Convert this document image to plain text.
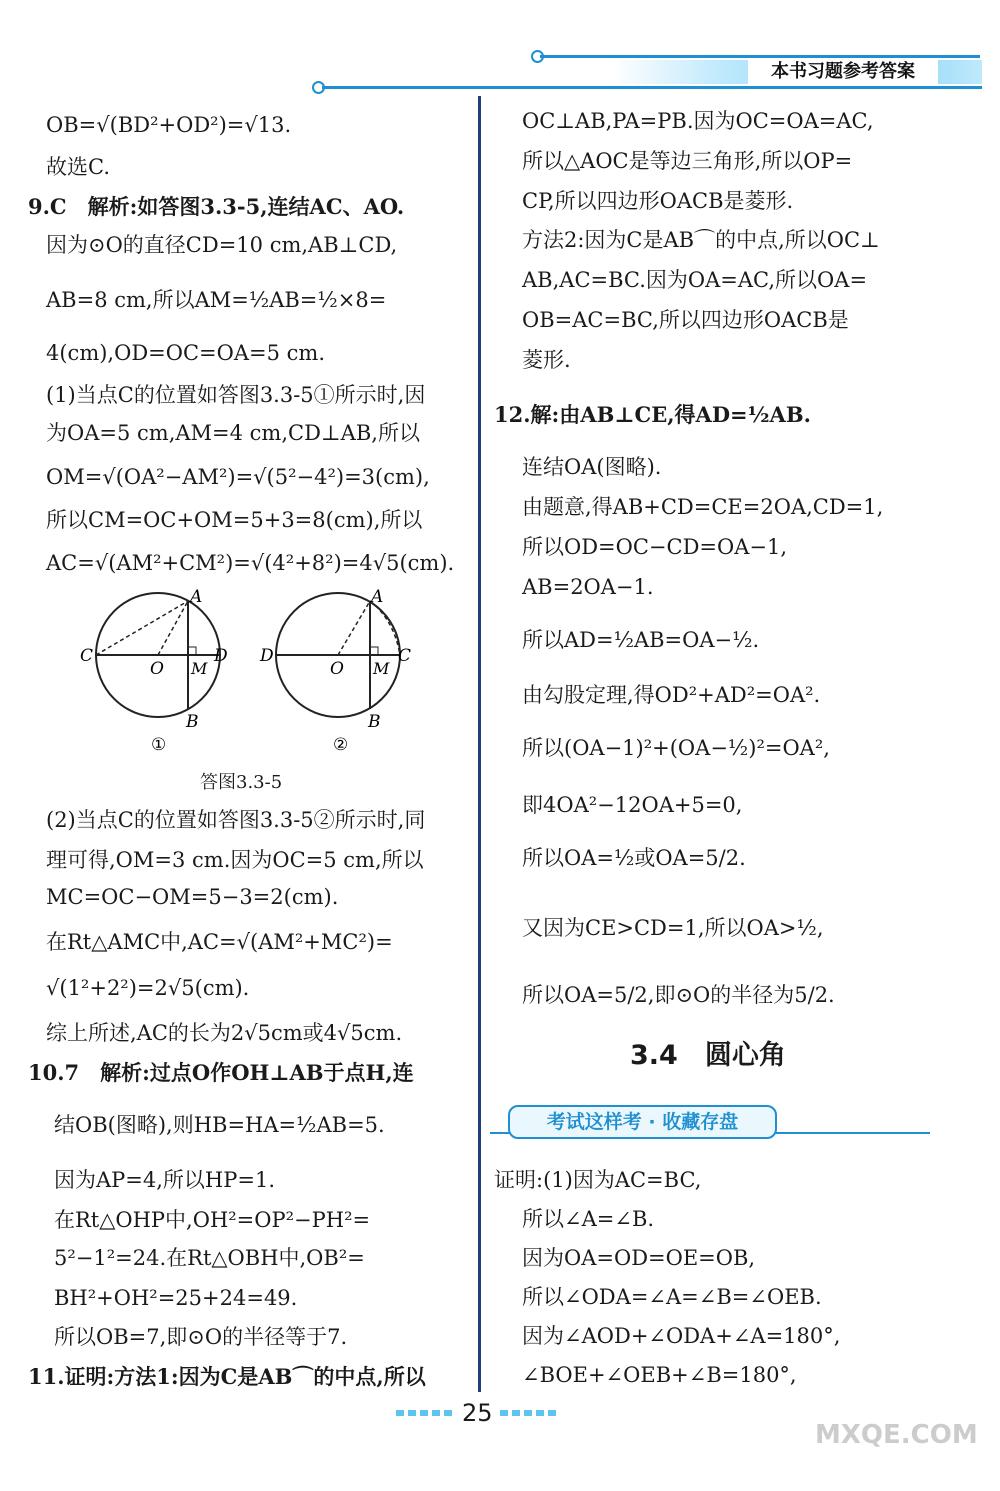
本书习题参考答案
OB=√(BD²+OD²)=√13.
故选C.
9.C　解析:如答图3.3-5,连结AC、AO.
因为⊙O的直径CD=10 cm,AB⊥CD,
AB=8 cm,所以AM=½AB=½×8=
4(cm),OD=OC=OA=5 cm.
(1)当点C的位置如答图3.3-5①所示时,因
为OA=5 cm,AM=4 cm,CD⊥AB,所以
OM=√(OA²−AM²)=√(5²−4²)=3(cm),
所以CM=OC+OM=5+3=8(cm),所以
AC=√(AM²+CM²)=√(4²+8²)=4√5(cm).
A
B
C	D
O M
①
A
B
C
D
O M
②
答图3.3-5
(2)当点C的位置如答图3.3-5②所示时,同
理可得,OM=3 cm.因为OC=5 cm,所以
MC=OC−OM=5−3=2(cm).
在Rt△AMC中,AC=√(AM²+MC²)=
√(1²+2²)=2√5(cm).
综上所述,AC的长为2√5cm或4√5cm.
10.7　解析:过点O作OH⊥AB于点H,连
结OB(图略),则HB=HA=½AB=5.
因为AP=4,所以HP=1.
在Rt△OHP中,OH²=OP²−PH²=
5²−1²=24.在Rt△OBH中,OB²=
BH²+OH²=25+24=49.
所以OB=7,即⊙O的半径等于7.
11.证明:方法1:因为C是AB⌒的中点,所以
OC⊥AB,PA=PB.因为OC=OA=AC,
所以△AOC是等边三角形,所以OP=
CP,所以四边形OACB是菱形.
方法2:因为C是AB⌒的中点,所以OC⊥
AB,AC=BC.因为OA=AC,所以OA=
OB=AC=BC,所以四边形OACB是
菱形.
12.解:由AB⊥CE,得AD=½AB.
连结OA(图略).
由题意,得AB+CD=CE=2OA,CD=1,
所以OD=OC−CD=OA−1,
AB=2OA−1.
所以AD=½AB=OA−½.
由勾股定理,得OD²+AD²=OA².
所以(OA−1)²+(OA−½)²=OA²,
即4OA²−12OA+5=0,
所以OA=½或OA=5/2.
又因为CE>CD=1,所以OA>½,
所以OA=5/2,即⊙O的半径为5/2.
3.4　圆心角
考试这样考 · 收藏存盘
证明:(1)因为AC=BC,
所以∠A=∠B.
因为OA=OD=OE=OB,
所以∠ODA=∠A=∠B=∠OEB.
因为∠AOD+∠ODA+∠A=180°,
∠BOE+∠OEB+∠B=180°,
25
MXQE.COM
